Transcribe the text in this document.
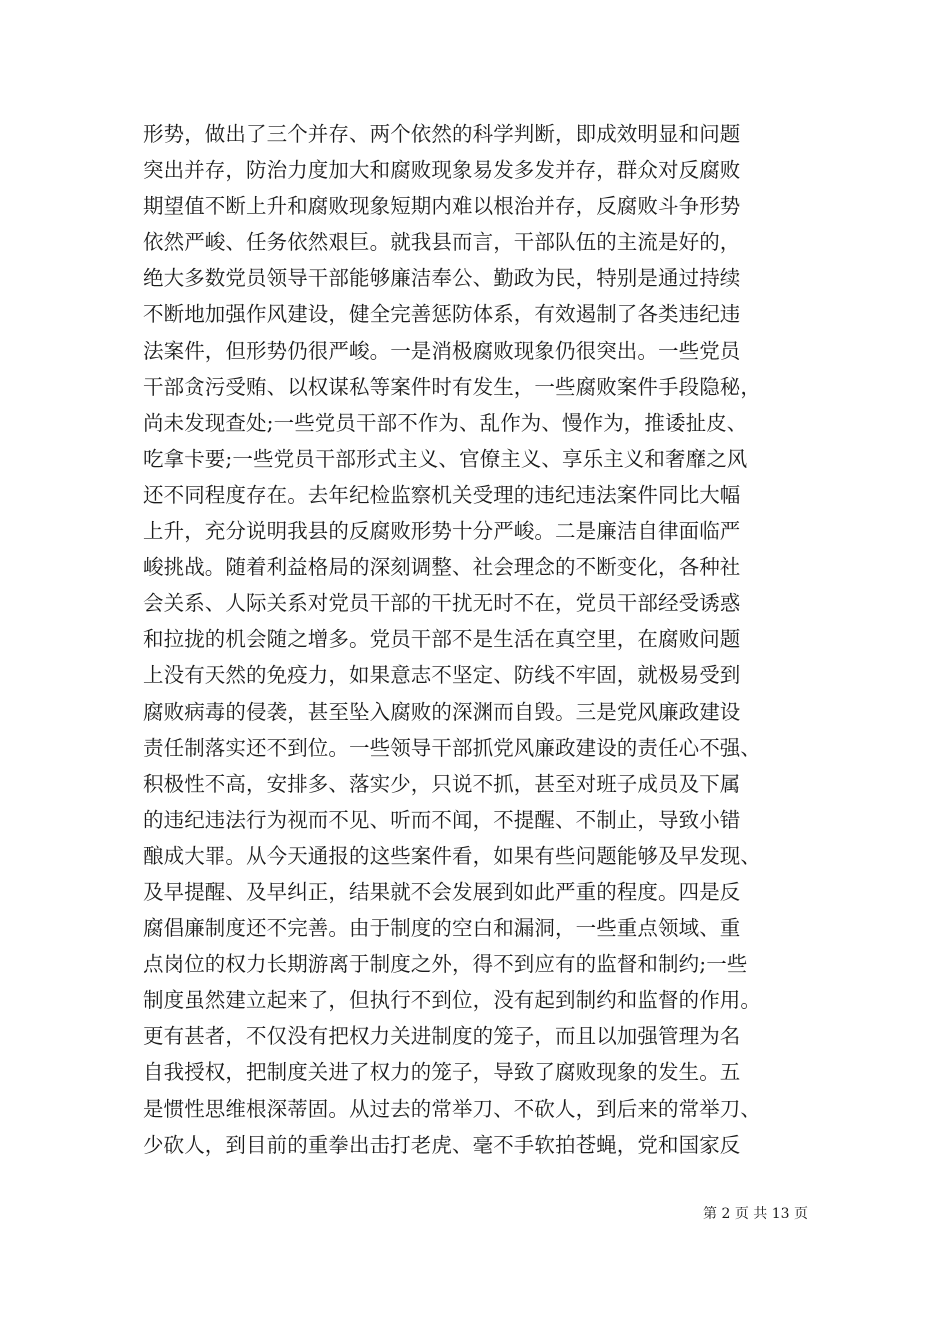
形势，做出了三个并存、两个依然的科学判断，即成效明显和问题
突出并存，防治力度加大和腐败现象易发多发并存，群众对反腐败
期望值不断上升和腐败现象短期内难以根治并存，反腐败斗争形势
依然严峻、任务依然艰巨。就我县而言，干部队伍的主流是好的，
绝大多数党员领导干部能够廉洁奉公、勤政为民，特别是通过持续
不断地加强作风建设，健全完善惩防体系，有效遏制了各类违纪违
法案件，但形势仍很严峻。一是消极腐败现象仍很突出。一些党员
干部贪污受贿、以权谋私等案件时有发生，一些腐败案件手段隐秘，
尚未发现查处;一些党员干部不作为、乱作为、慢作为，推诿扯皮、
吃拿卡要;一些党员干部形式主义、官僚主义、享乐主义和奢靡之风
还不同程度存在。去年纪检监察机关受理的违纪违法案件同比大幅
上升，充分说明我县的反腐败形势十分严峻。二是廉洁自律面临严
峻挑战。随着利益格局的深刻调整、社会理念的不断变化，各种社
会关系、人际关系对党员干部的干扰无时不在，党员干部经受诱惑
和拉拢的机会随之增多。党员干部不是生活在真空里，在腐败问题
上没有天然的免疫力，如果意志不坚定、防线不牢固，就极易受到
腐败病毒的侵袭，甚至坠入腐败的深渊而自毁。三是党风廉政建设
责任制落实还不到位。一些领导干部抓党风廉政建设的责任心不强、
积极性不高，安排多、落实少，只说不抓，甚至对班子成员及下属
的违纪违法行为视而不见、听而不闻，不提醒、不制止，导致小错
酿成大罪。从今天通报的这些案件看，如果有些问题能够及早发现、
及早提醒、及早纠正，结果就不会发展到如此严重的程度。四是反
腐倡廉制度还不完善。由于制度的空白和漏洞，一些重点领域、重
点岗位的权力长期游离于制度之外，得不到应有的监督和制约;一些
制度虽然建立起来了，但执行不到位，没有起到制约和监督的作用。
更有甚者，不仅没有把权力关进制度的笼子，而且以加强管理为名
自我授权，把制度关进了权力的笼子，导致了腐败现象的发生。五
是惯性思维根深蒂固。从过去的常举刀、不砍人，到后来的常举刀、
少砍人，到目前的重拳出击打老虎、毫不手软拍苍蝇，党和国家反

第 2 页 共 13 页
